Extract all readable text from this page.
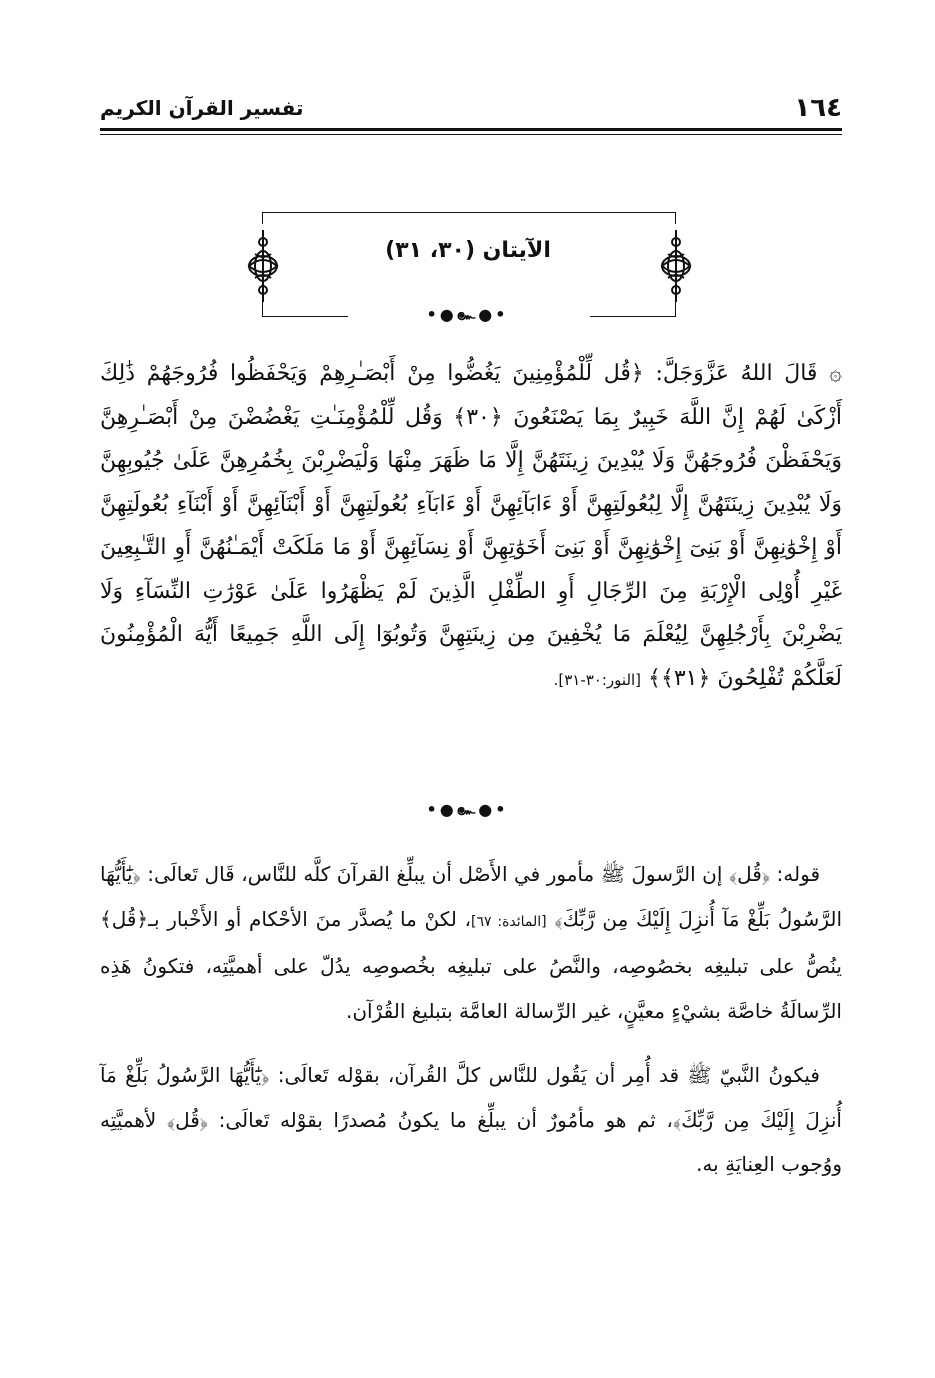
١٦٤
تفسير القرآن الكريم
الآيتان (٣٠، ٣١)
•●๛●•
۞ قَالَ اللهُ عَزَّوَجَلَّ: ﴿قُل لِّلْمُؤْمِنِينَ يَغُضُّوا مِنْ أَبْصَـٰرِهِمْ وَيَحْفَظُوا فُرُوجَهُمْ ذَٰلِكَ أَزْكَىٰ لَهُمْ إِنَّ اللَّهَ خَبِيرٌ بِمَا يَصْنَعُونَ ﴿٣٠﴾ وَقُل لِّلْمُؤْمِنَـٰتِ يَغْضُضْنَ مِنْ أَبْصَـٰرِهِنَّ وَيَحْفَظْنَ فُرُوجَهُنَّ وَلَا يُبْدِينَ زِينَتَهُنَّ إِلَّا مَا ظَهَرَ مِنْهَا وَلْيَضْرِبْنَ بِخُمُرِهِنَّ عَلَىٰ جُيُوبِهِنَّ وَلَا يُبْدِينَ زِينَتَهُنَّ إِلَّا لِبُعُولَتِهِنَّ أَوْ ءَابَآئِهِنَّ أَوْ ءَابَآءِ بُعُولَتِهِنَّ أَوْ أَبْنَآئِهِنَّ أَوْ أَبْنَآءِ بُعُولَتِهِنَّ أَوْ إِخْوَٰنِهِنَّ أَوْ بَنِىٓ إِخْوَٰنِهِنَّ أَوْ بَنِىٓ أَخَوَٰتِهِنَّ أَوْ نِسَآئِهِنَّ أَوْ مَا مَلَكَتْ أَيْمَـٰنُهُنَّ أَوِ التَّـٰبِعِينَ غَيْرِ أُوْلِى الْإِرْبَةِ مِنَ الرِّجَالِ أَوِ الطِّفْلِ الَّذِينَ لَمْ يَظْهَرُوا عَلَىٰ عَوْرَٰتِ النِّسَآءِ وَلَا يَضْرِبْنَ بِأَرْجُلِهِنَّ لِيُعْلَمَ مَا يُخْفِينَ مِن زِينَتِهِنَّ وَتُوبُوٓا إِلَى اللَّهِ جَمِيعًا أَيُّهَ الْمُؤْمِنُونَ لَعَلَّكُمْ تُفْلِحُونَ ﴿٣١﴾﴾ [النور:٣٠-٣١].
•●๛●•

قوله: ﴿قُل﴾ إن الرَّسولَ ﷺ مأمور في الأَصْل أن يبلِّغ القرآنَ كلَّه للنَّاس، قَال تَعالَى: ﴿يَٰٓأَيُّهَا الرَّسُولُ بَلِّغْ مَآ أُنزِلَ إِلَيْكَ مِن رَّبِّكَ﴾ [المائدة: ٦٧]، لكنْ ما يُصدَّر منَ الأحْكام أو الأَخْبار بـ﴿قُل﴾ ينُصُّ على تبليغِه بخصُوصِه، والنَّصُ على تبليغِه بخُصوصِه يدُلّ على أهميَّتِه، فتكونُ هَذِه الرِّسالَةُ خاصَّة بشيْءٍ معيَّنٍ، غير الرِّسالة العامَّة بتبليغ القُرْآن.

فيكونُ النَّبيّ ﷺ قد أُمِر أن يَقُول للنَّاس كلَّ القُرآن، بقوْله تَعالَى: ﴿يَٰٓأَيُّهَا الرَّسُولُ بَلِّغْ مَآ أُنزِلَ إِلَيْكَ مِن رَّبِّكَ﴾، ثم هو مأمُورٌ أن يبلِّغ ما يكونُ مُصدرًا بقوْله تَعالَى: ﴿قُل﴾ لأهميَّتِه ووُجوب العِنايَةِ به.
